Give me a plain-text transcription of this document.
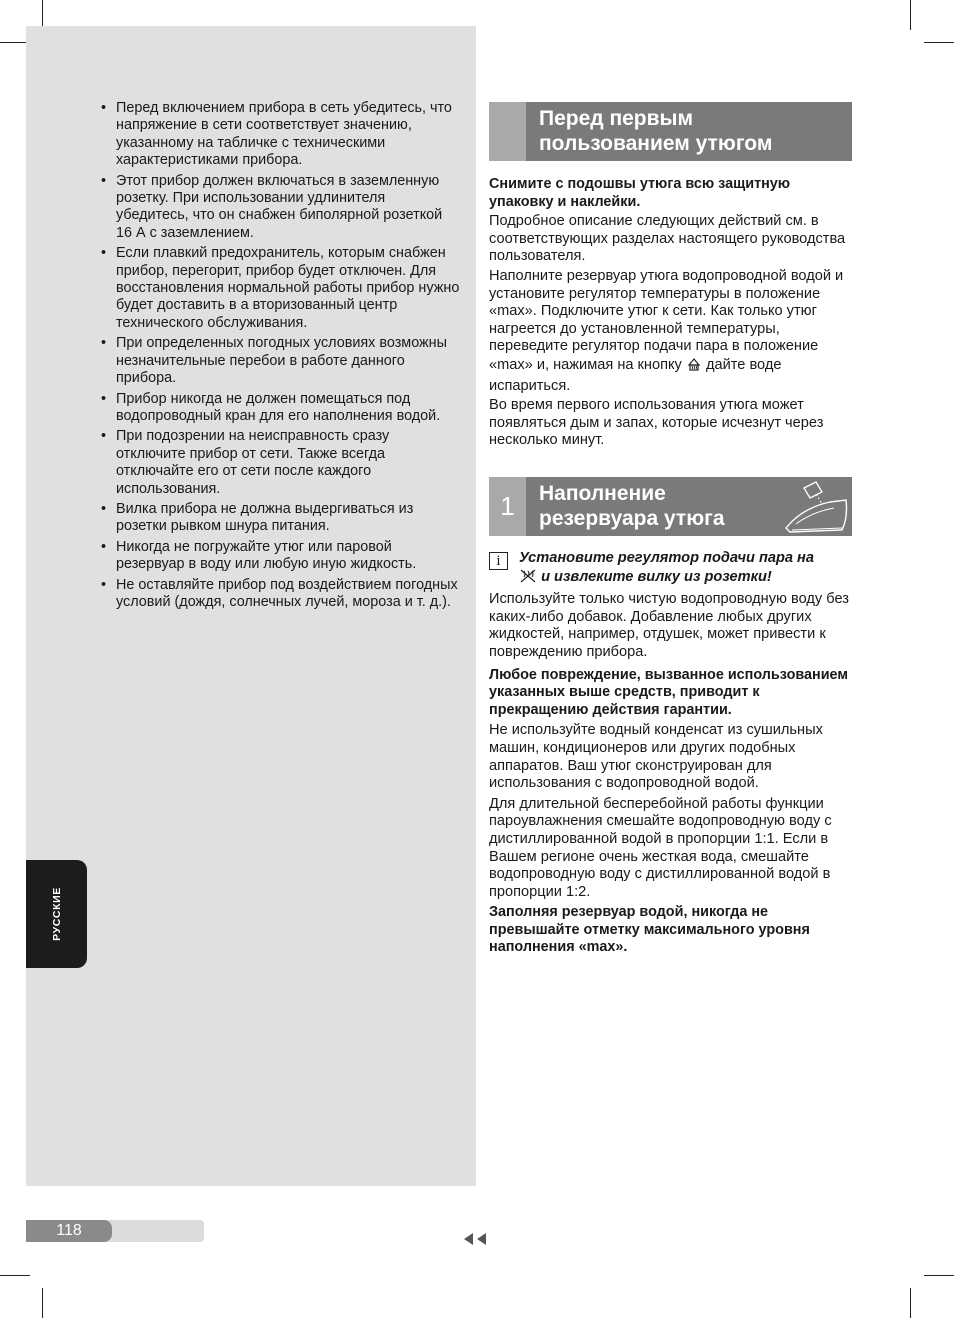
• Перед включением прибора в сеть убедитесь, что напряжение в сети соответствует значению, указанному на табличке с техническими характеристиками прибора.
• Этот прибор должен включаться в заземленную розетку. При использовании удлинителя убедитесь, что он снабжен биполярной розеткой 16 А с заземлением.
• Если плавкий предохранитель, которым снабжен прибор, перегорит, прибор будет отключен. Для восстановления нормальной работы прибор нужно будет доставить в а вторизованный центр технического обслуживания.
• При определенных погодных условиях возможны незначительные перебои в работе данного прибора.
• Прибор никогда не должен помещаться под водопроводный кран для его наполнения водой.
• При подозрении на неисправность сразу отключите прибор от сети. Также всегда отключайте его от сети после каждого использования.
• Вилка прибора не должна выдергиваться из розетки рывком шнура питания.
• Никогда не погружайте утюг или паровой резервуар в воду или любую иную жидкость.
• Не оставляйте прибор под воздействием погодных условий (дождя, солнечных лучей, мороза и т. д.).
РУССКИЕ
Перед первым
пользованием утюгом

Снимите с подошвы утюга всю защитную упаковку и наклейки.

Подробное описание следующих действий см. в соответствующих разделах настоящего руководства пользователя.

Наполните резервуар утюга водопроводной водой и установите регулятор температуры в положение «max». Подключите утюг к сети. Как только утюг нагреется до установленной температуры, переведите регулятор подачи пара в положение «max» и, нажимая на кнопку дайте воде испариться.

Во время первого использования утюга может появляться дым и запах, которые исчезнут через несколько минут.

1	Наполнение
резервуара утюга
i	Установите регулятор подачи пара на
и извлеките вилку из розетки!

Используйте только чистую водопроводную воду без каких-либо добавок. Добавление любых других жидкостей, например, отдушек, может привести к повреждению прибора.

Любое повреждение, вызванное использованием указанных выше средств, приводит к прекращению действия гарантии.

Не используйте водный конденсат из сушильных машин, кондиционеров или других подобных аппаратов. Ваш утюг сконструирован для использования с водопроводной водой.

Для длительной бесперебойной работы функции пароувлажнения смешайте водопроводную воду с дистиллированной водой в пропорции 1:1. Если в Вашем регионе очень жесткая вода, смешайте водопроводную воду с дистиллированной водой в пропорции 1:2.

Заполняя резервуар водой, никогда не превышайте отметку максимального уровня наполнения «max».

118
